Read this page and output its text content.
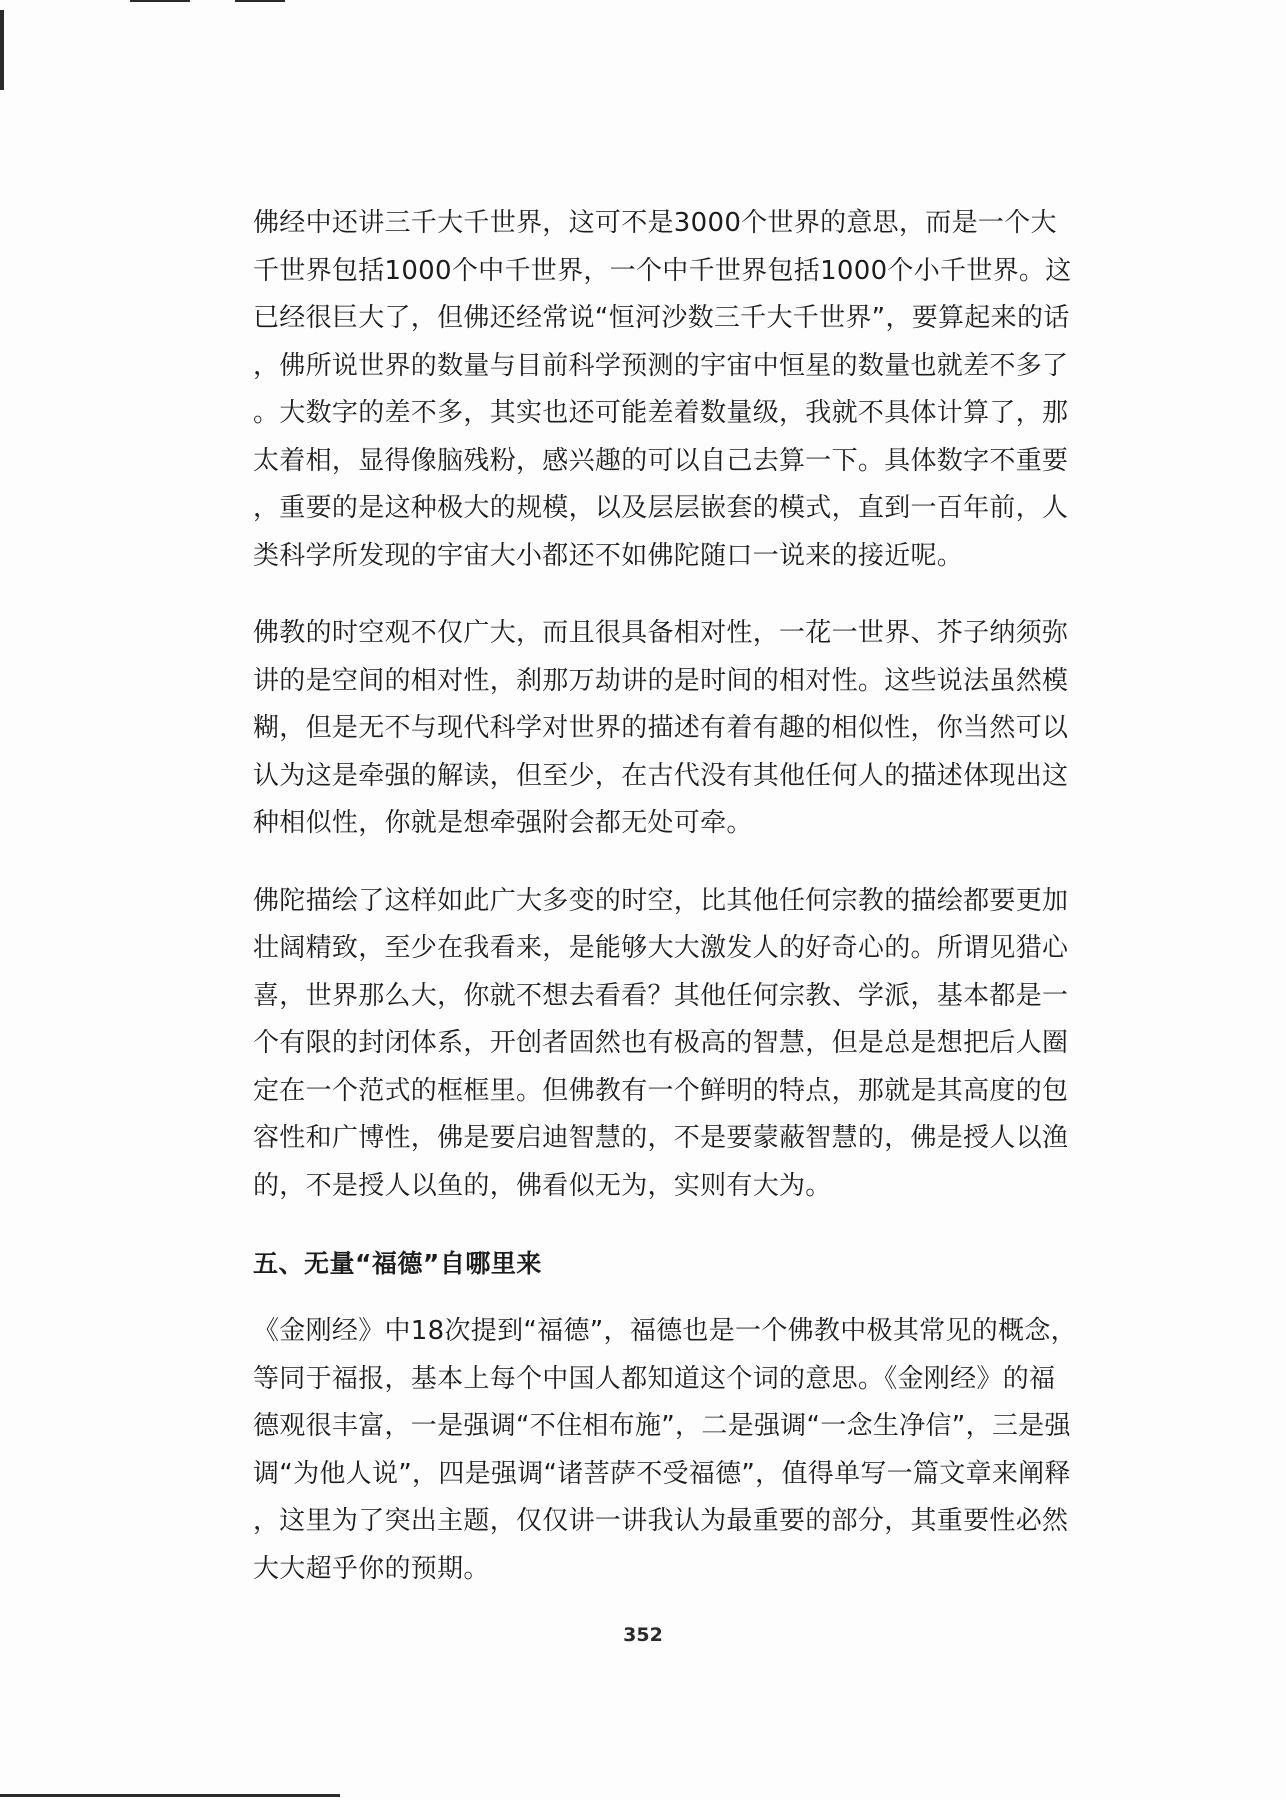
佛经中还讲三千大千世界，这可不是3000个世界的意思，而是一个大
千世界包括1000个中千世界，一个中千世界包括1000个小千世界。这
已经很巨大了，但佛还经常说“恒河沙数三千大千世界”，要算起来的话
，佛所说世界的数量与目前科学预测的宇宙中恒星的数量也就差不多了
。大数字的差不多，其实也还可能差着数量级，我就不具体计算了，那
太着相，显得像脑残粉，感兴趣的可以自己去算一下。具体数字不重要
，重要的是这种极大的规模，以及层层嵌套的模式，直到一百年前，人
类科学所发现的宇宙大小都还不如佛陀随口一说来的接近呢。
佛教的时空观不仅广大，而且很具备相对性，一花一世界、芥子纳须弥
讲的是空间的相对性，刹那万劫讲的是时间的相对性。这些说法虽然模
糊，但是无不与现代科学对世界的描述有着有趣的相似性，你当然可以
认为这是牵强的解读，但至少，在古代没有其他任何人的描述体现出这
种相似性，你就是想牵强附会都无处可牵。
佛陀描绘了这样如此广大多变的时空，比其他任何宗教的描绘都要更加
壮阔精致，至少在我看来，是能够大大激发人的好奇心的。所谓见猎心
喜，世界那么大，你就不想去看看？其他任何宗教、学派，基本都是一
个有限的封闭体系，开创者固然也有极高的智慧，但是总是想把后人圈
定在一个范式的框框里。但佛教有一个鲜明的特点，那就是其高度的包
容性和广博性，佛是要启迪智慧的，不是要蒙蔽智慧的，佛是授人以渔
的，不是授人以鱼的，佛看似无为，实则有大为。
五、无量“福德”自哪里来
《金刚经》中18次提到“福德”，福德也是一个佛教中极其常见的概念，
等同于福报，基本上每个中国人都知道这个词的意思。《金刚经》的福
德观很丰富，一是强调“不住相布施”，二是强调“一念生净信”，三是强
调“为他人说”，四是强调“诸菩萨不受福德”，值得单写一篇文章来阐释
，这里为了突出主题，仅仅讲一讲我认为最重要的部分，其重要性必然
大大超乎你的预期。
352
